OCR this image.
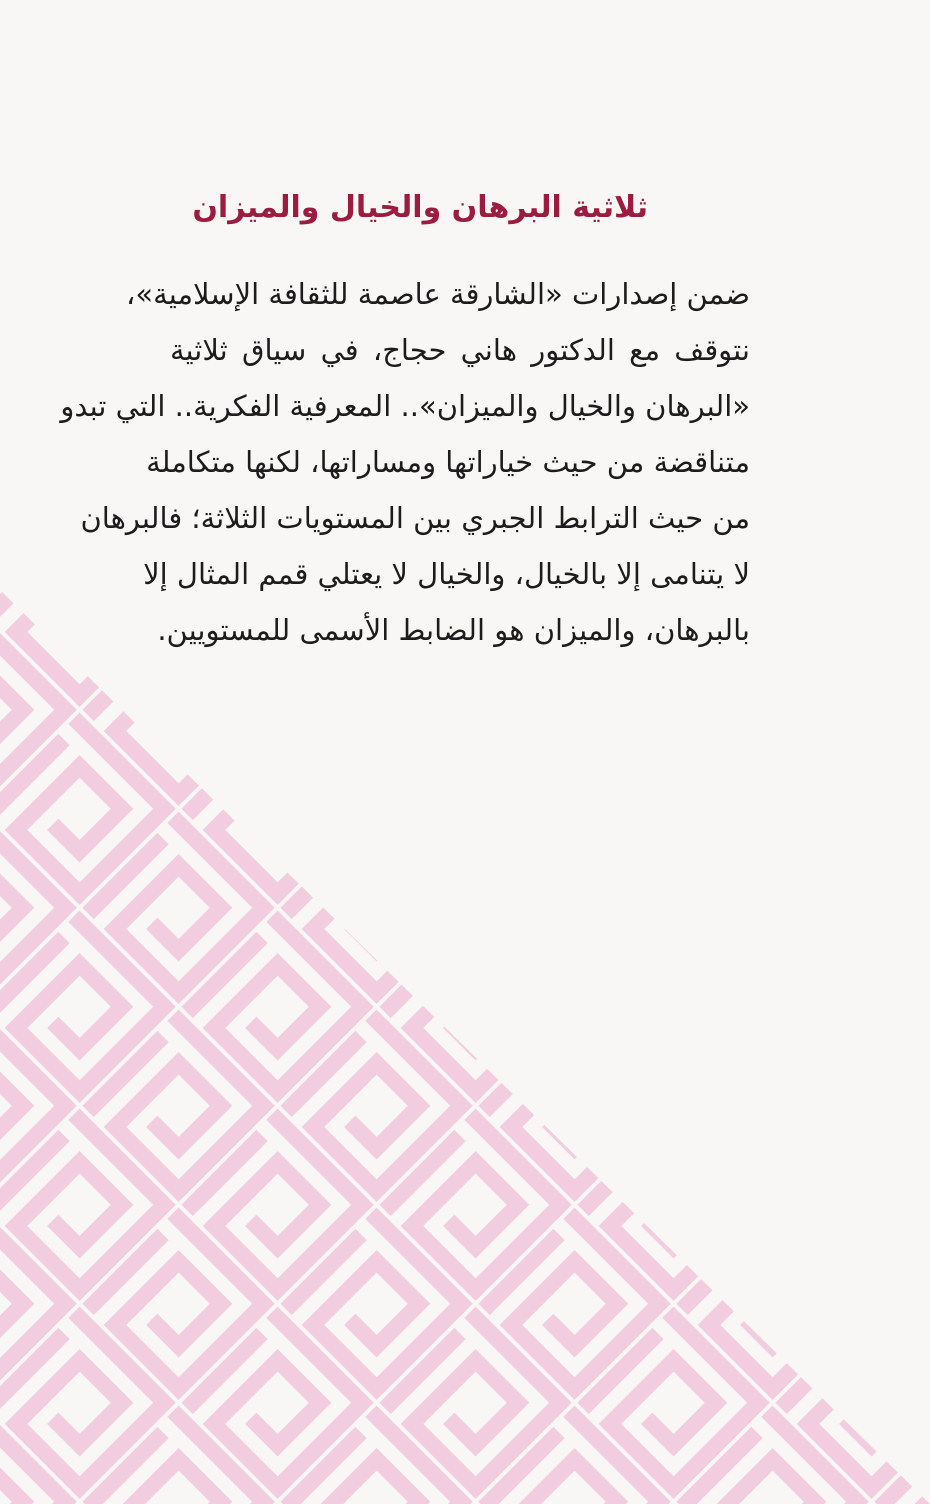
ثلاثية البرهان والخيال والميزان
ضمن إصدارات «الشارقة عاصمة للثقافة الإسلامية»،
نتوقف مع الدكتور هاني حجاج، في سياق ثلاثية
«البرهان والخيال والميزان».. المعرفية الفكرية.. التي تبدو
متناقضة من حيث خياراتها ومساراتها، لكنها متكاملة
من حيث الترابط الجبري بين المستويات الثلاثة؛ فالبرهان
لا يتنامى إلا بالخيال، والخيال لا يعتلي قمم المثال إلا
بالبرهان، والميزان هو الضابط الأسمى للمستويين.
